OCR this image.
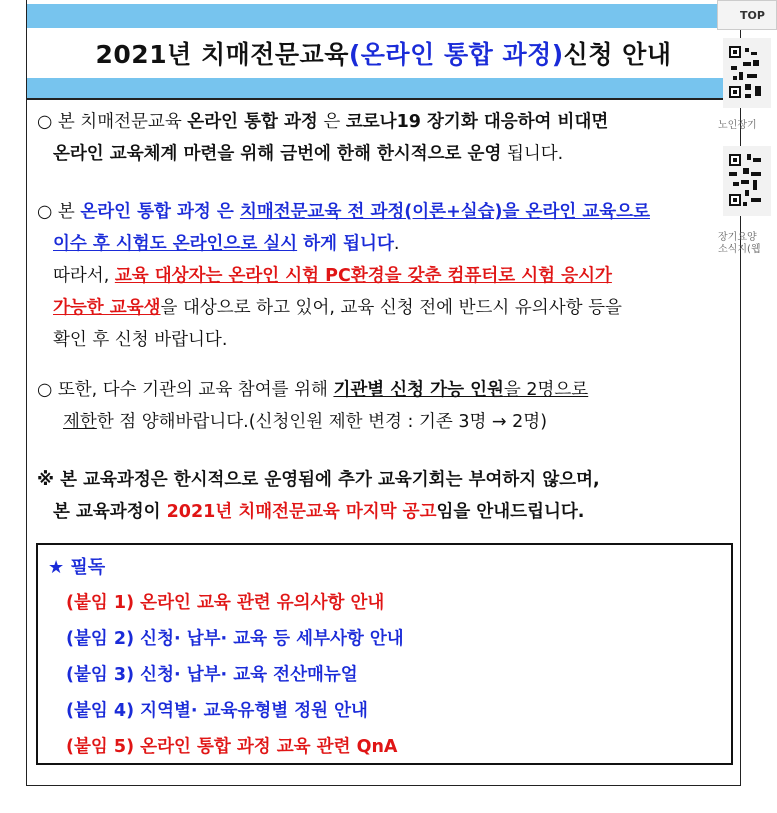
2021년 치매전문교육 (온라인 통합 과정) 신청 안내
○ 본 치매전문교육 온라인 통합 과정 은 코로나19 장기화 대응하여 비대면
온라인 교육체계 마련을 위해 금번에 한해 한시적으로 운영 됩니다.
○ 본 온라인 통합 과정 은 치매전문교육 전 과정(이론+실습)을 온라인 교육으로
이수 후 시험도 온라인으로 실시 하게 됩니다.
따라서, 교육 대상자는 온라인 시험 PC환경을 갖춘 컴퓨터로 시험 응시가
가능한 교육생을 대상으로 하고 있어, 교육 신청 전에 반드시 유의사항 등을
확인 후 신청 바랍니다.
○ 또한, 다수 기관의 교육 참여를 위해 기관별 신청 가능 인원을 2명으로
제한한 점 양해바랍니다.(신청인원 제한 변경 : 기존 3명 → 2명)
※ 본 교육과정은 한시적으로 운영됨에 추가 교육기회는 부여하지 않으며,
본 교육과정이 2021년 치매전문교육 마지막 공고임을 안내드립니다.
★ 필독
(붙임 1) 온라인 교육 관련 유의사항 안내
(붙임 2) 신청· 납부· 교육 등 세부사항 안내
(붙임 3) 신청· 납부· 교육 전산매뉴얼
(붙임 4) 지역별· 교육유형별 정원 안내
(붙임 5) 온라인 통합 과정 교육 관련 QnA
TOP
노인장기
장기요양
소식지(웹
